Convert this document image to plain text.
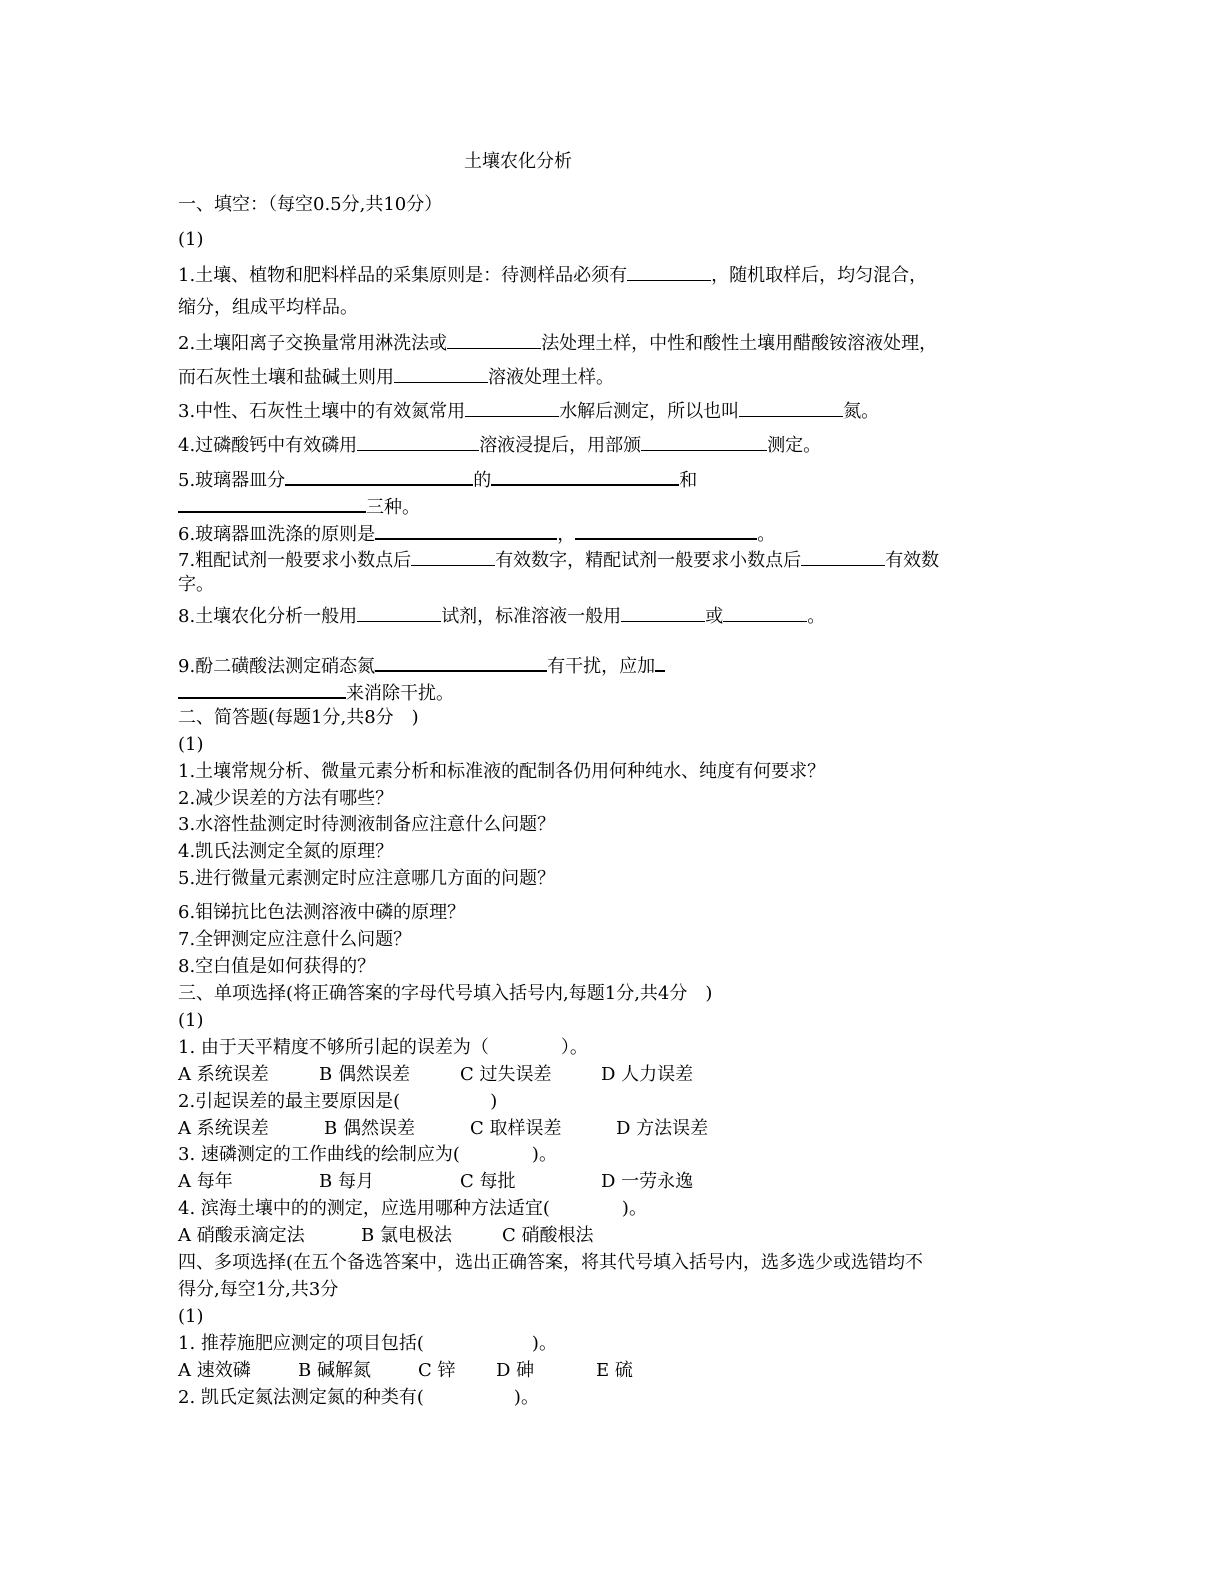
土壤农化分析
一、填空：（每空0.5分,共10分）
(1)
1.土壤、植物和肥料样品的采集原则是：待测样品必须有	，随机取样后，均匀混合，
缩分，组成平均样品。
2.土壤阳离子交换量常用淋洗法或	法处理土样，中性和酸性土壤用醋酸铵溶液处理，
而石灰性土壤和盐碱土则用	溶液处理土样。
3.中性、石灰性土壤中的有效氮常用	水解后测定，所以也叫	氮。
4.过磷酸钙中有效磷用	溶液浸提后，用部颁	测定。
5.玻璃器皿分	的	和
三种。
6.玻璃器皿洗涤的原则是	，	。
7.粗配试剂一般要求小数点后	有效数字，精配试剂一般要求小数点后	有效数
字。
8.土壤农化分析一般用	试剂，标准溶液一般用	或	。
9.酚二磺酸法测定硝态氮	有干扰，应加
来消除干扰。
二、简答题(每题1分,共8分　)
(1)
1.土壤常规分析、微量元素分析和标准液的配制各仍用何种纯水、纯度有何要求？
2.减少误差的方法有哪些？
3.水溶性盐测定时待测液制备应注意什么问题？
4.凯氏法测定全氮的原理？
5.进行微量元素测定时应注意哪几方面的问题？
6.钼锑抗比色法测溶液中磷的原理？
7.全钾测定应注意什么问题？
8.空白值是如何获得的？
三、单项选择(将正确答案的字母代号填入括号内,每题1分,共4分　)
(1)
1. 由于天平精度不够所引起的误差为（　　　　）。
A 系统误差	B 偶然误差	C 过失误差	D 人力误差
2.引起误差的最主要原因是(　　　　　)
A 系统误差	B 偶然误差	C 取样误差	D 方法误差
3. 速磷测定的工作曲线的绘制应为(　　　　)。
A 每年	B 每月	C 每批	D 一劳永逸
4. 滨海土壤中的的测定，应选用哪种方法适宜(　　　　)。
A 硝酸汞滴定法	B 氯电极法	C 硝酸根法
四、多项选择(在五个备选答案中，选出正确答案，将其代号填入括号内，选多选少或选错均不
得分,每空1分,共3分
(1)
1. 推荐施肥应测定的项目包括(　　　　　　)。
A 速效磷	B 碱解氮	C 锌 D 砷	E 硫
2. 凯氏定氮法测定氮的种类有(　　　　　)。
